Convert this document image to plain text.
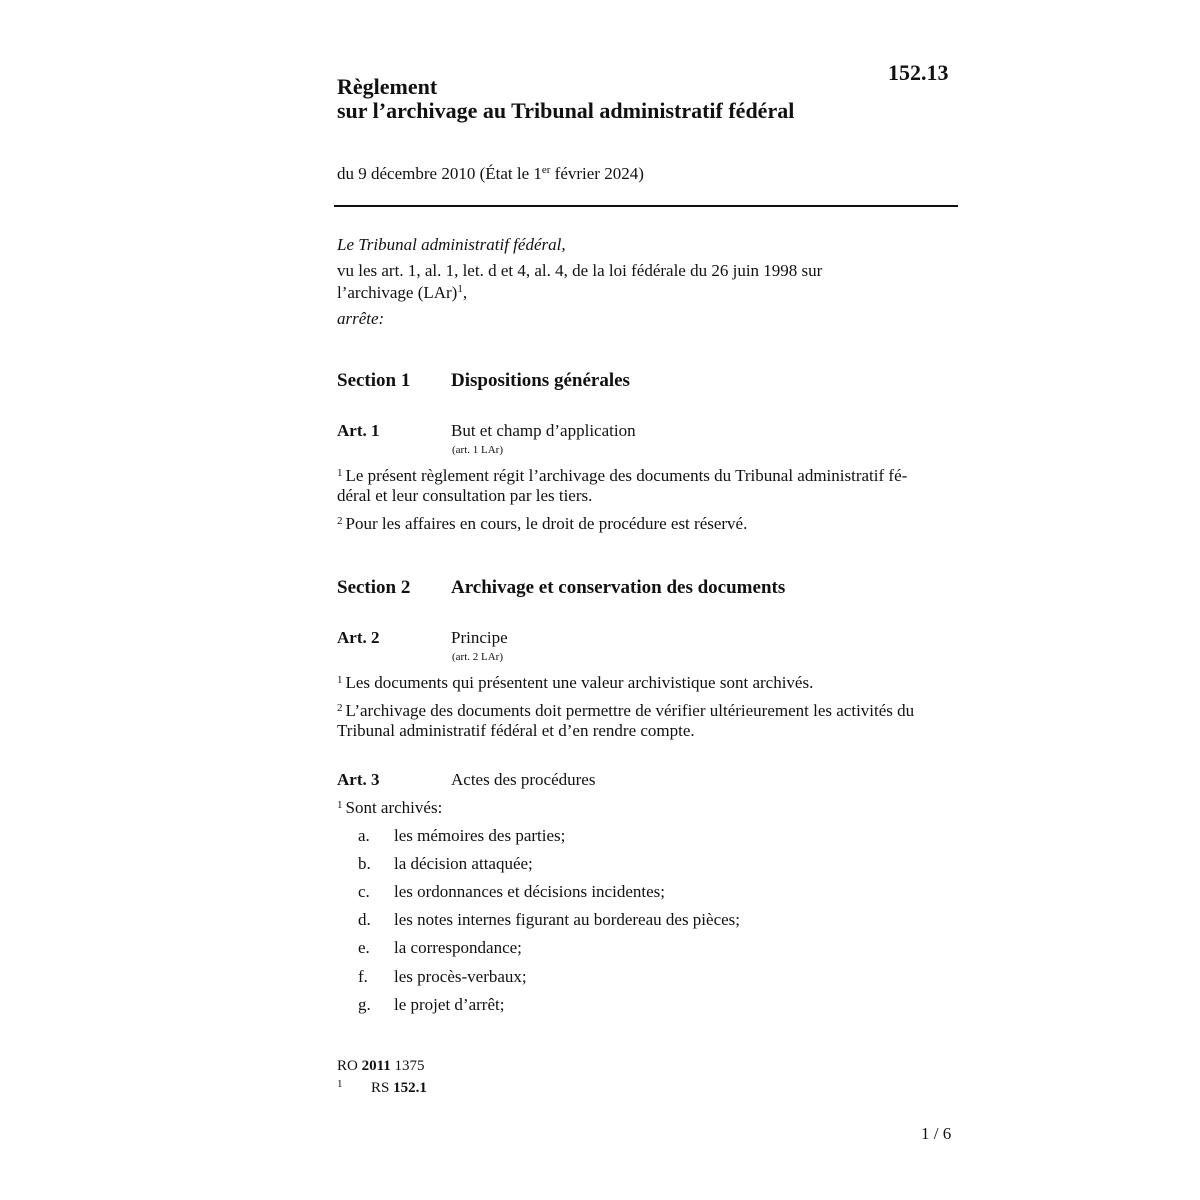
152.13
Règlement
sur l’archivage au Tribunal administratif fédéral
du 9 décembre 2010 (État le 1er février 2024)
Le Tribunal administratif fédéral,
vu les art. 1, al. 1, let. d et 4, al. 4, de la loi fédérale du 26 juin 1998 sur
l’archivage (LAr)$^1$,
arrête:
Section 1 Dispositions générales
Art. 1	But et champ d’application
(art. 1 LAr)
$^1$ Le présent règlement régit l’archivage des documents du Tribunal administratif fé-
déral et leur consultation par les tiers.
$^2$ Pour les affaires en cours, le droit de procédure est réservé.
Section 2 Archivage et conservation des documents
Art. 2	Principe
(art. 2 LAr)
$^1$ Les documents qui présentent une valeur archivistique sont archivés.
$^2$ L’archivage des documents doit permettre de vérifier ultérieurement les activités du
Tribunal administratif fédéral et d’en rendre compte.
Art. 3	Actes des procédures
$^1$ Sont archivés:
a. les mémoires des parties;
b. la décision attaquée;
c. les ordonnances et décisions incidentes;
d. les notes internes figurant au bordereau des pièces;
e. la correspondance;
f. les procès-verbaux;
g. le projet d’arrêt;
RO 2011 1375
1 RS 152.1
1 / 6
